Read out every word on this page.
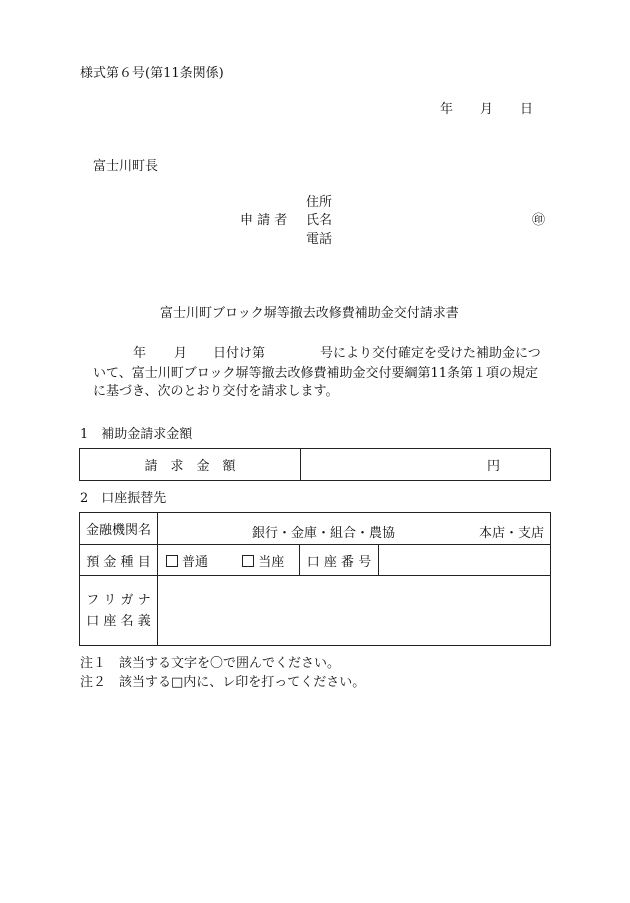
様式第６号(第11条関係)
年 月 日
富士川町長
住所
申 請 者 氏名	㊞
電話
富士川町ブロック塀等撤去改修費補助金交付請求書
年 月 日付け第	号により交付確定を受けた補助金につ
いて、富士川町ブロック塀等撤去改修費補助金交付要綱第11条第１項の規定
に基づき、次のとおり交付を請求します。
1　補助金請求金額
請　求　金　額	円
2　口座振替先
金融機関名	銀行・金庫・組合・農協 本店・支店		

預 金 種 目	普通 当座	口 座 番 号	
フ リ ガ ナ
口 座 名 義			
注１　該当する文字を〇で囲んでください。
注２　該当する□内に、レ印を打ってください。
